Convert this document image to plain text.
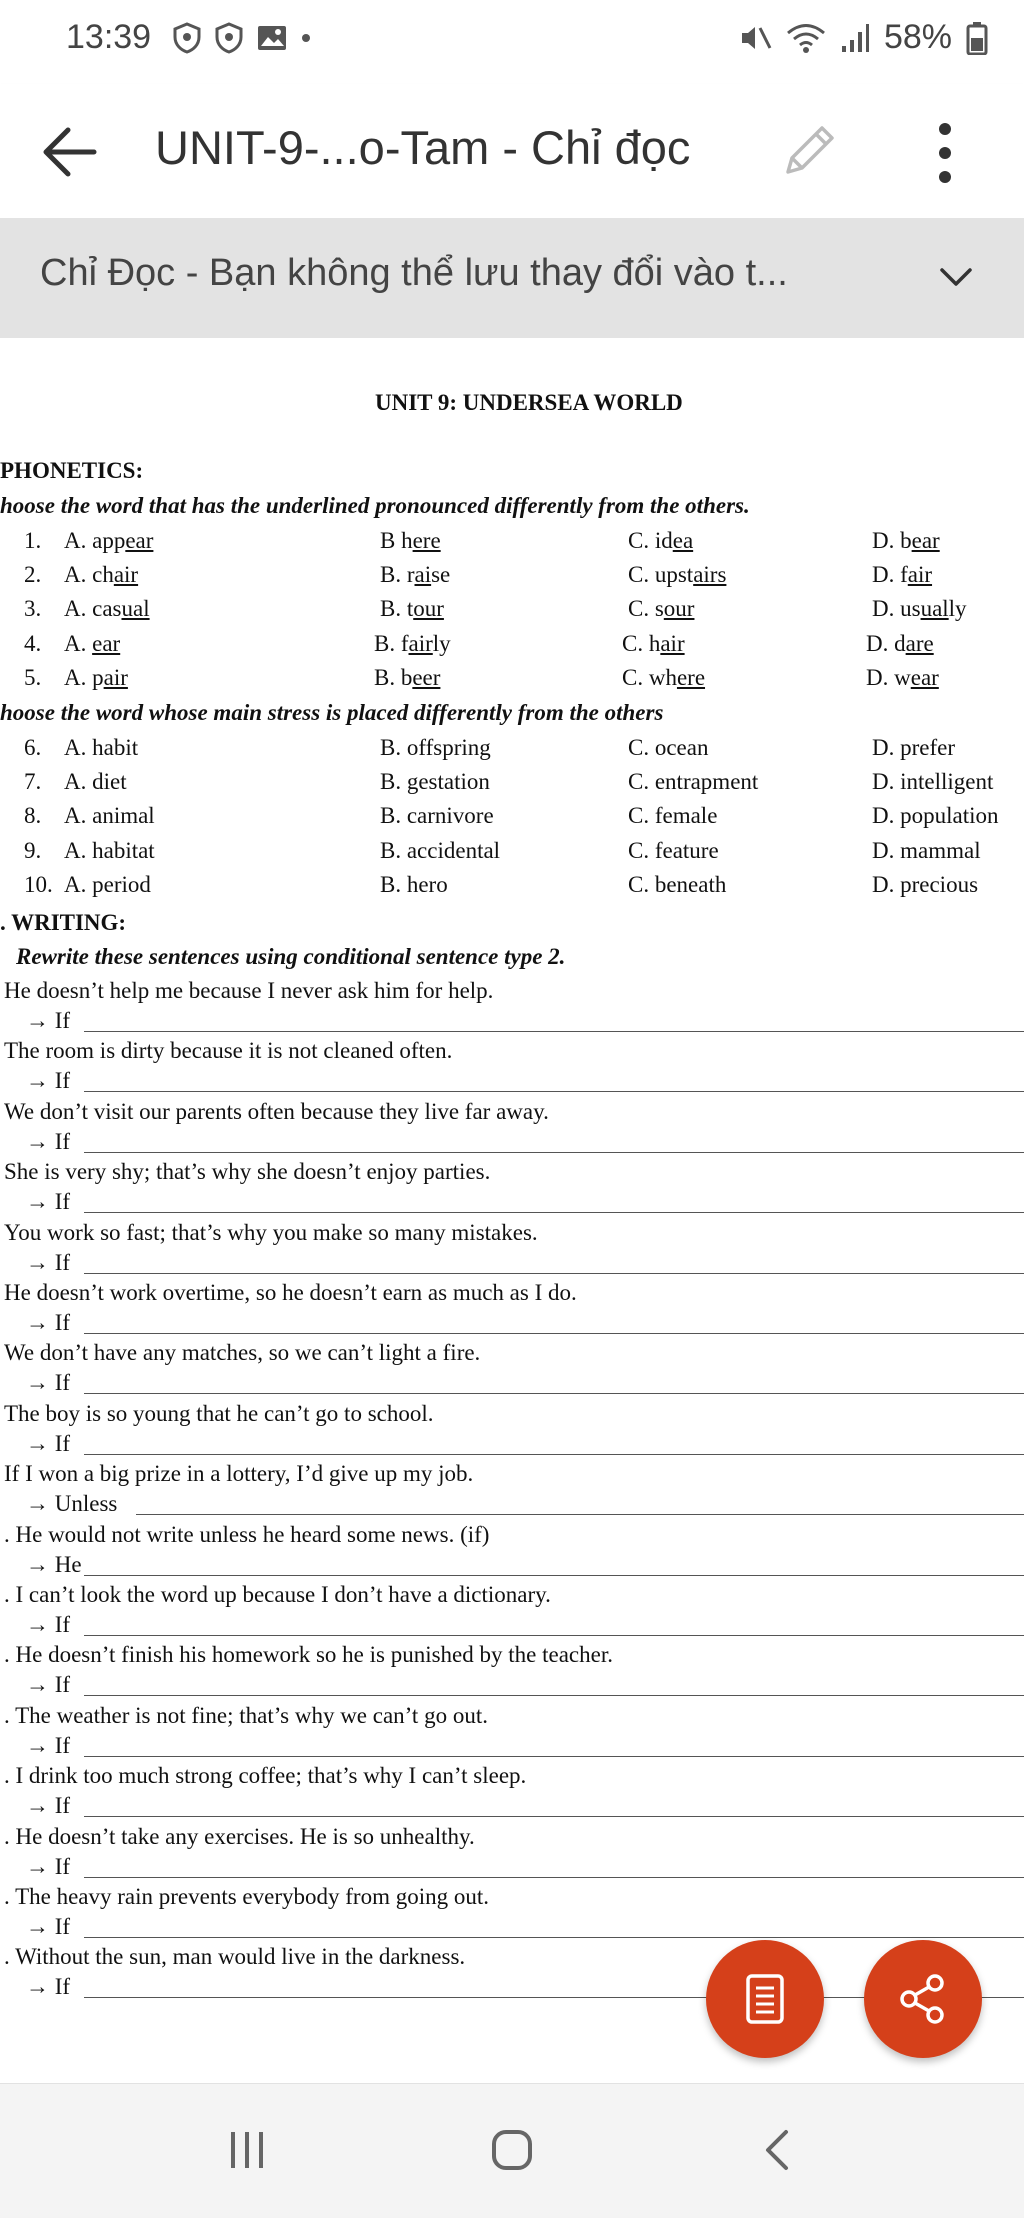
13:39	58%
UNIT-9-...o-Tam - Chỉ đọc
Chỉ Đọc - Bạn không thể lưu thay đổi vào t...
UNIT 9: UNDERSEA WORLD
PHONETICS:
hoose the word that has the underlined pronounced differently from the others.
1. A. appear	B here	C. idea	D. bear
2. A. chair	B. raise	C. upstairs	D. fair
3. A. casual	B. tour	C. sour	D. usually
4. A. ear	B. fairly	C. hair	D. dare
5. A. pair	B. beer	C. where	D. wear
6. A. habit	B. offspring	C. ocean	D. prefer
7. A. diet	B. gestation	C. entrapment	D. intelligent
8. A. animal	B. carnivore	C. female	D. population
9. A. habitat	B. accidental	C. feature	D. mammal
10. A. period	B. hero	C. beneath	D. precious
hoose the word whose main stress is placed differently from the others
. WRITING:
Rewrite these sentences using conditional sentence type 2.
He doesn’t help me because I never ask him for help.
→ If
The room is dirty because it is not cleaned often.
→ If
We don’t visit our parents often because they live far away.
→ If
She is very shy; that’s why she doesn’t enjoy parties.
→ If
You work so fast; that’s why you make so many mistakes.
→ If
He doesn’t work overtime, so he doesn’t earn as much as I do.
→ If
We don’t have any matches, so we can’t light a fire.
→ If
The boy is so young that he can’t go to school.
→ If
If I won a big prize in a lottery, I’d give up my job.
→ Unless
. He would not write unless he heard some news. (if)
→ He
. I can’t look the word up because I don’t have a dictionary.
→ If
. He doesn’t finish his homework so he is punished by the teacher.
→ If
. The weather is not fine; that’s why we can’t go out.
→ If
. I drink too much strong coffee; that’s why I can’t sleep.
→ If
. He doesn’t take any exercises. He is so unhealthy.
→ If
. The heavy rain prevents everybody from going out.
→ If
. Without the sun, man would live in the darkness.
→ If
